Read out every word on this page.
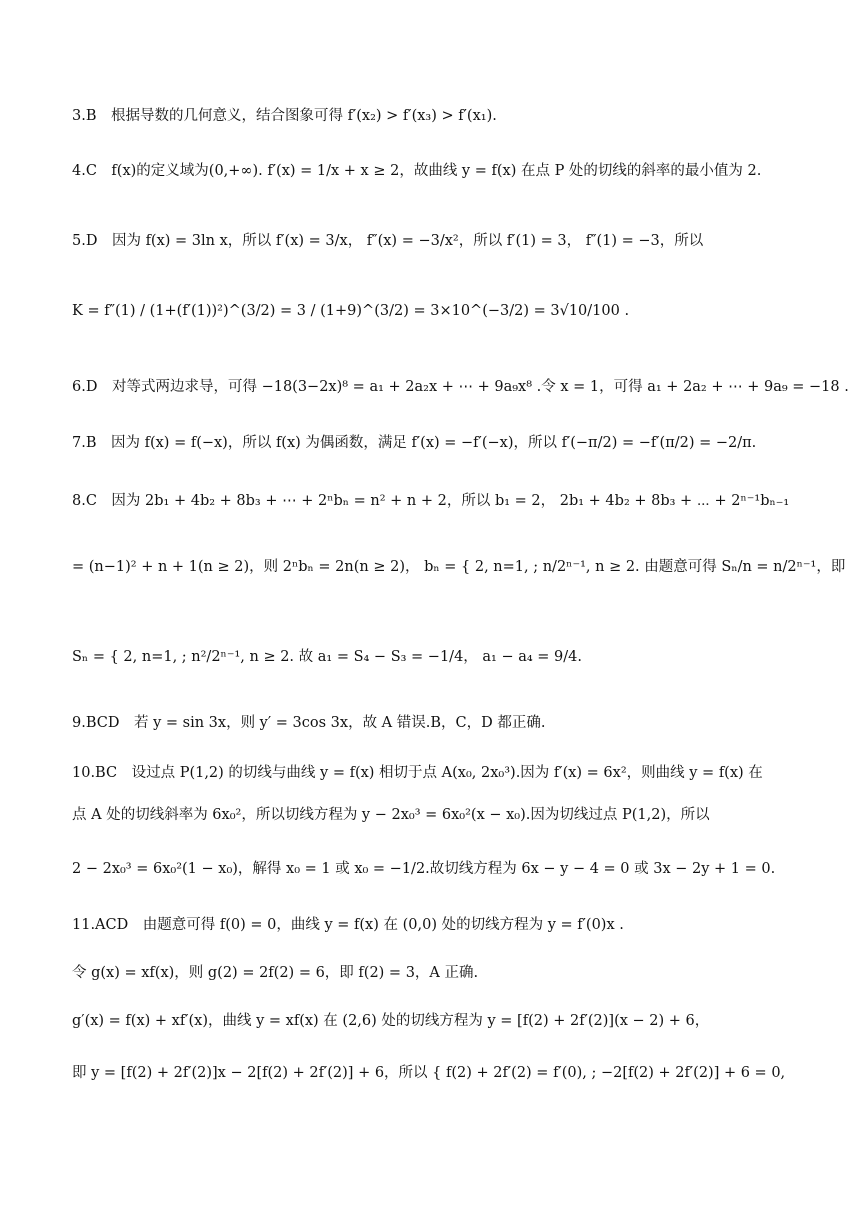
3.B　根据导数的几何意义，结合图象可得 f′(x₂) > f′(x₃) > f′(x₁).
4.C　f(x)的定义域为(0,+∞). f′(x) = 1/x + x ≥ 2，故曲线 y = f(x) 在点 P 处的切线的斜率的最小值为 2.
5.D　因为 f(x) = 3ln x，所以 f′(x) = 3/x， f″(x) = −3/x²，所以 f′(1) = 3， f″(1) = −3，所以
K = f″(1) / (1+(f′(1))²)^(3/2) = 3 / (1+9)^(3/2) = 3×10^(−3/2) = 3√10/100 .
6.D　对等式两边求导，可得 −18(3−2x)⁸ = a₁ + 2a₂x + ⋯ + 9a₉x⁸ .令 x = 1，可得 a₁ + 2a₂ + ⋯ + 9a₉ = −18 .
7.B　因为 f(x) = f(−x)，所以 f(x) 为偶函数，满足 f′(x) = −f′(−x)，所以 f′(−π/2) = −f′(π/2) = −2/π.
8.C　因为 2b₁ + 4b₂ + 8b₃ + ⋯ + 2ⁿbₙ = n² + n + 2，所以 b₁ = 2， 2b₁ + 4b₂ + 8b₃ + ⋯ + 2ⁿ⁻¹bₙ₋₁
= (n−1)² + n + 1(n ≥ 2)，则 2ⁿbₙ = 2n(n ≥ 2)， bₙ = { 2, n=1, ; n/2ⁿ⁻¹, n ≥ 2. 由题意可得 Sₙ/n = n/2ⁿ⁻¹，即
Sₙ = { 2, n=1, ; n²/2ⁿ⁻¹, n ≥ 2. 故 a₁ = S₄ − S₃ = −1/4， a₁ − a₄ = 9/4.
9.BCD　若 y = sin 3x，则 y′ = 3cos 3x，故 A 错误.B，C，D 都正确.
10.BC　设过点 P(1,2) 的切线与曲线 y = f(x) 相切于点 A(x₀, 2x₀³).因为 f′(x) = 6x²，则曲线 y = f(x) 在
点 A 处的切线斜率为 6x₀²，所以切线方程为 y − 2x₀³ = 6x₀²(x − x₀).因为切线过点 P(1,2)，所以
2 − 2x₀³ = 6x₀²(1 − x₀)，解得 x₀ = 1 或 x₀ = −1/2.故切线方程为 6x − y − 4 = 0 或 3x − 2y + 1 = 0.
11.ACD　由题意可得 f(0) = 0，曲线 y = f(x) 在 (0,0) 处的切线方程为 y = f′(0)x .
令 g(x) = xf(x)，则 g(2) = 2f(2) = 6，即 f(2) = 3，A 正确.
g′(x) = f(x) + xf′(x)，曲线 y = xf(x) 在 (2,6) 处的切线方程为 y = [f(2) + 2f′(2)](x − 2) + 6，
即 y = [f(2) + 2f′(2)]x − 2[f(2) + 2f′(2)] + 6，所以 { f(2) + 2f′(2) = f′(0), ; −2[f(2) + 2f′(2)] + 6 = 0,
